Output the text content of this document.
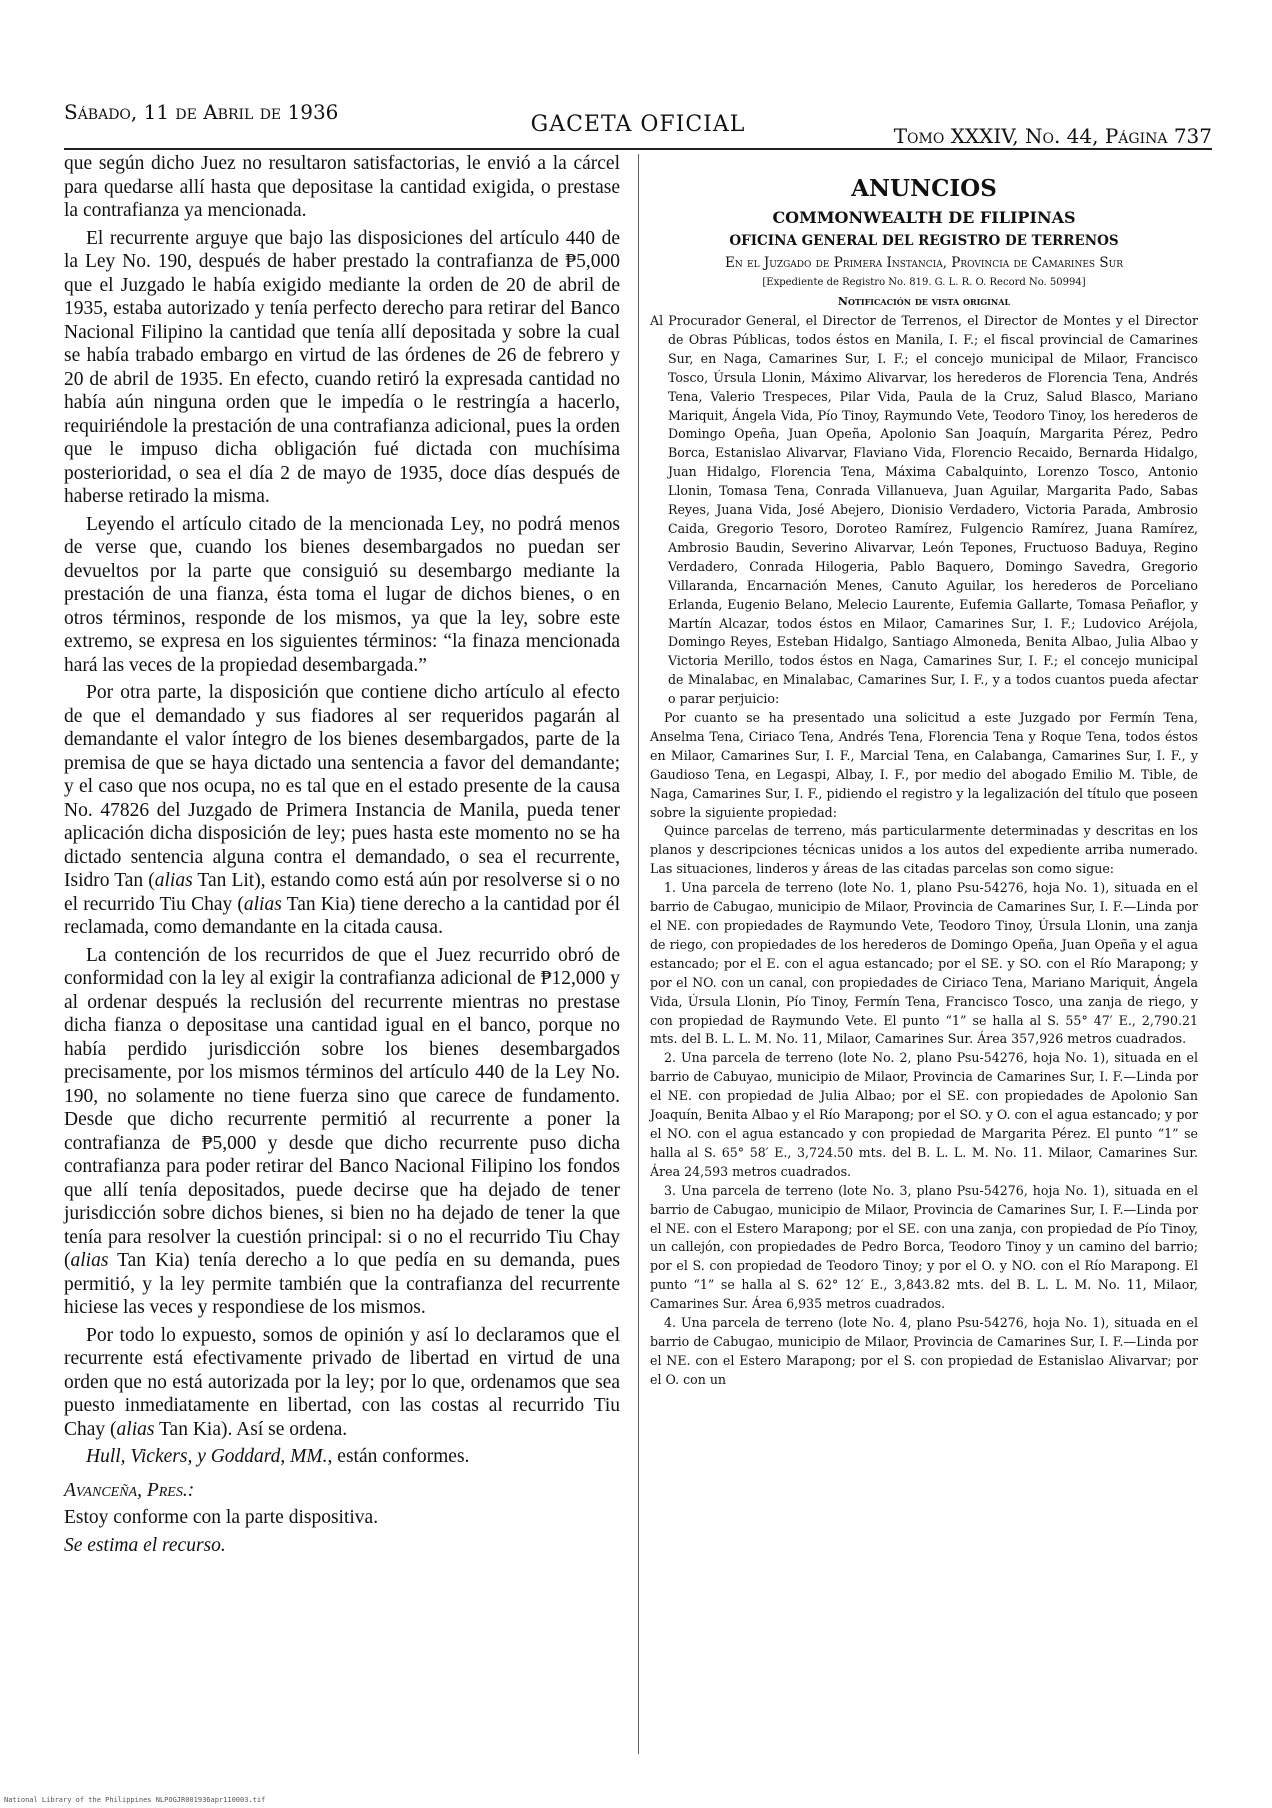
Sábado, 11 de Abril de 1936	GACETA OFICIAL	Tomo XXXIV, No. 44, Página 737

que según dicho Juez no resultaron satisfactorias, le envió a la cárcel para quedarse allí hasta que depositase la cantidad exigida, o prestase la contrafianza ya mencionada.

El recurrente arguye que bajo las disposiciones del artículo 440 de la Ley No. 190, después de haber prestado la contrafianza de ₱5,000 que el Juzgado le había exigido mediante la orden de 20 de abril de 1935, estaba autorizado y tenía perfecto derecho para retirar del Banco Nacional Filipino la cantidad que tenía allí depositada y sobre la cual se había trabado embargo en virtud de las órdenes de 26 de febrero y 20 de abril de 1935. En efecto, cuando retiró la expresada cantidad no había aún ninguna orden que le impedía o le restringía a hacerlo, requiriéndole la prestación de una contrafianza adicional, pues la orden que le impuso dicha obligación fué dictada con muchísima posterioridad, o sea el día 2 de mayo de 1935, doce días después de haberse retirado la misma.

Leyendo el artículo citado de la mencionada Ley, no podrá menos de verse que, cuando los bienes desembargados no puedan ser devueltos por la parte que consiguió su desembargo mediante la prestación de una fianza, ésta toma el lugar de dichos bienes, o en otros términos, responde de los mismos, ya que la ley, sobre este extremo, se expresa en los siguientes términos: “la finaza mencionada hará las veces de la propiedad desembargada.”

Por otra parte, la disposición que contiene dicho artículo al efecto de que el demandado y sus fiadores al ser requeridos pagarán al demandante el valor íntegro de los bienes desembargados, parte de la premisa de que se haya dictado una sentencia a favor del demandante; y el caso que nos ocupa, no es tal que en el estado presente de la causa No. 47826 del Juzgado de Primera Instancia de Manila, pueda tener aplicación dicha disposición de ley; pues hasta este momento no se ha dictado sentencia alguna contra el demandado, o sea el recurrente, Isidro Tan (alias Tan Lit), estando como está aún por resolverse si o no el recurrido Tiu Chay (alias Tan Kia) tiene derecho a la cantidad por él reclamada, como demandante en la citada causa.

La contención de los recurridos de que el Juez recurrido obró de conformidad con la ley al exigir la contrafianza adicional de ₱12,000 y al ordenar después la reclusión del recurrente mientras no prestase dicha fianza o depositase una cantidad igual en el banco, porque no había perdido jurisdicción sobre los bienes desembargados precisamente, por los mismos términos del artículo 440 de la Ley No. 190, no solamente no tiene fuerza sino que carece de fundamento. Desde que dicho recurrente permitió al recurrente a poner la contrafianza de ₱5,000 y desde que dicho recurrente puso dicha contrafianza para poder retirar del Banco Nacional Filipino los fondos que allí tenía depositados, puede decirse que ha dejado de tener jurisdicción sobre dichos bienes, si bien no ha dejado de tener la que tenía para resolver la cuestión principal: si o no el recurrido Tiu Chay (alias Tan Kia) tenía derecho a lo que pedía en su demanda, pues permitió, y la ley permite también que la contrafianza del recurrente hiciese las veces y respondiese de los mismos.

Por todo lo expuesto, somos de opinión y así lo declaramos que el recurrente está efectivamente privado de libertad en virtud de una orden que no está autorizada por la ley; por lo que, ordenamos que sea puesto inmediatamente en libertad, con las costas al recurrido Tiu Chay (alias Tan Kia). Así se ordena.

Hull, Vickers, y Goddard, MM., están conformes.

Avanceña, Pres.:

Estoy conforme con la parte dispositiva.

Se estima el recurso.

ANUNCIOS
COMMONWEALTH DE FILIPINAS
OFICINA GENERAL DEL REGISTRO DE TERRENOS
En el Juzgado de Primera Instancia, Provincia de Camarines Sur
[Expediente de Registro No. 819. G. L. R. O. Record No. 50994]
Notificación de vista original

Al Procurador General, el Director de Terrenos, el Director de Montes y el Director de Obras Públicas, todos éstos en Manila, I. F.; el fiscal provincial de Camarines Sur, en Naga, Camarines Sur, I. F.; el concejo municipal de Milaor, Francisco Tosco, Úrsula Llonin, Máximo Alivarvar, los herederos de Florencia Tena, Andrés Tena, Valerio Trespeces, Pilar Vida, Paula de la Cruz, Salud Blasco, Mariano Mariquit, Ángela Vida, Pío Tinoy, Raymundo Vete, Teodoro Tinoy, los herederos de Domingo Opeña, Juan Opeña, Apolonio San Joaquín, Margarita Pérez, Pedro Borca, Estanislao Alivarvar, Flaviano Vida, Florencio Recaido, Bernarda Hidalgo, Juan Hidalgo, Florencia Tena, Máxima Cabalquinto, Lorenzo Tosco, Antonio Llonin, Tomasa Tena, Conrada Villanueva, Juan Aguilar, Margarita Pado, Sabas Reyes, Juana Vida, José Abejero, Dionisio Verdadero, Victoria Parada, Ambrosio Caida, Gregorio Tesoro, Doroteo Ramírez, Fulgencio Ramírez, Juana Ramírez, Ambrosio Baudin, Severino Alivarvar, León Tepones, Fructuoso Baduya, Regino Verdadero, Conrada Hilogeria, Pablo Baquero, Domingo Savedra, Gregorio Villaranda, Encarnación Menes, Canuto Aguilar, los herederos de Porceliano Erlanda, Eugenio Belano, Melecio Laurente, Eufemia Gallarte, Tomasa Peñaflor, y Martín Alcazar, todos éstos en Milaor, Camarines Sur, I. F.; Ludovico Aréjola, Domingo Reyes, Esteban Hidalgo, Santiago Almoneda, Benita Albao, Julia Albao y Victoria Merillo, todos éstos en Naga, Camarines Sur, I. F.; el concejo municipal de Minalabac, en Minalabac, Camarines Sur, I. F., y a todos cuantos pueda afectar o parar perjuicio:

Por cuanto se ha presentado una solicitud a este Juzgado por Fermín Tena, Anselma Tena, Ciriaco Tena, Andrés Tena, Florencia Tena y Roque Tena, todos éstos en Milaor, Camarines Sur, I. F., Marcial Tena, en Calabanga, Camarines Sur, I. F., y Gaudioso Tena, en Legaspi, Albay, I. F., por medio del abogado Emilio M. Tible, de Naga, Camarines Sur, I. F., pidiendo el registro y la legalización del título que poseen sobre la siguiente propiedad:

Quince parcelas de terreno, más particularmente determinadas y descritas en los planos y descripciones técnicas unidos a los autos del expediente arriba numerado. Las situaciones, linderos y áreas de las citadas parcelas son como sigue:

1. Una parcela de terreno (lote No. 1, plano Psu-54276, hoja No. 1), situada en el barrio de Cabugao, municipio de Milaor, Provincia de Camarines Sur, I. F.—Linda por el NE. con propiedades de Raymundo Vete, Teodoro Tinoy, Úrsula Llonin, una zanja de riego, con propiedades de los herederos de Domingo Opeña, Juan Opeña y el agua estancado; por el E. con el agua estancado; por el SE. y SO. con el Río Marapong; y por el NO. con un canal, con propiedades de Ciriaco Tena, Mariano Mariquit, Ángela Vida, Úrsula Llonin, Pío Tinoy, Fermín Tena, Francisco Tosco, una zanja de riego, y con propiedad de Raymundo Vete. El punto “1” se halla al S. 55° 47′ E., 2,790.21 mts. del B. L. L. M. No. 11, Milaor, Camarines Sur. Área 357,926 metros cuadrados.

2. Una parcela de terreno (lote No. 2, plano Psu-54276, hoja No. 1), situada en el barrio de Cabuyao, municipio de Milaor, Provincia de Camarines Sur, I. F.—Linda por el NE. con propiedad de Julia Albao; por el SE. con propiedades de Apolonio San Joaquín, Benita Albao y el Río Marapong; por el SO. y O. con el agua estancado; y por el NO. con el agua estancado y con propiedad de Margarita Pérez. El punto “1” se halla al S. 65° 58′ E., 3,724.50 mts. del B. L. L. M. No. 11. Milaor, Camarines Sur. Área 24,593 metros cuadrados.

3. Una parcela de terreno (lote No. 3, plano Psu-54276, hoja No. 1), situada en el barrio de Cabugao, municipio de Milaor, Provincia de Camarines Sur, I. F.—Linda por el NE. con el Estero Marapong; por el SE. con una zanja, con propiedad de Pío Tinoy, un callejón, con propiedades de Pedro Borca, Teodoro Tinoy y un camino del barrio; por el S. con propiedad de Teodoro Tinoy; y por el O. y NO. con el Río Marapong. El punto “1” se halla al S. 62° 12′ E., 3,843.82 mts. del B. L. L. M. No. 11, Milaor, Camarines Sur. Área 6,935 metros cuadrados.

4. Una parcela de terreno (lote No. 4, plano Psu-54276, hoja No. 1), situada en el barrio de Cabugao, municipio de Milaor, Provincia de Camarines Sur, I. F.—Linda por el NE. con el Estero Marapong; por el S. con propiedad de Estanislao Alivarvar; por el O. con un

National Library of the Philippines NLPOGJR001936apr110003.tif
